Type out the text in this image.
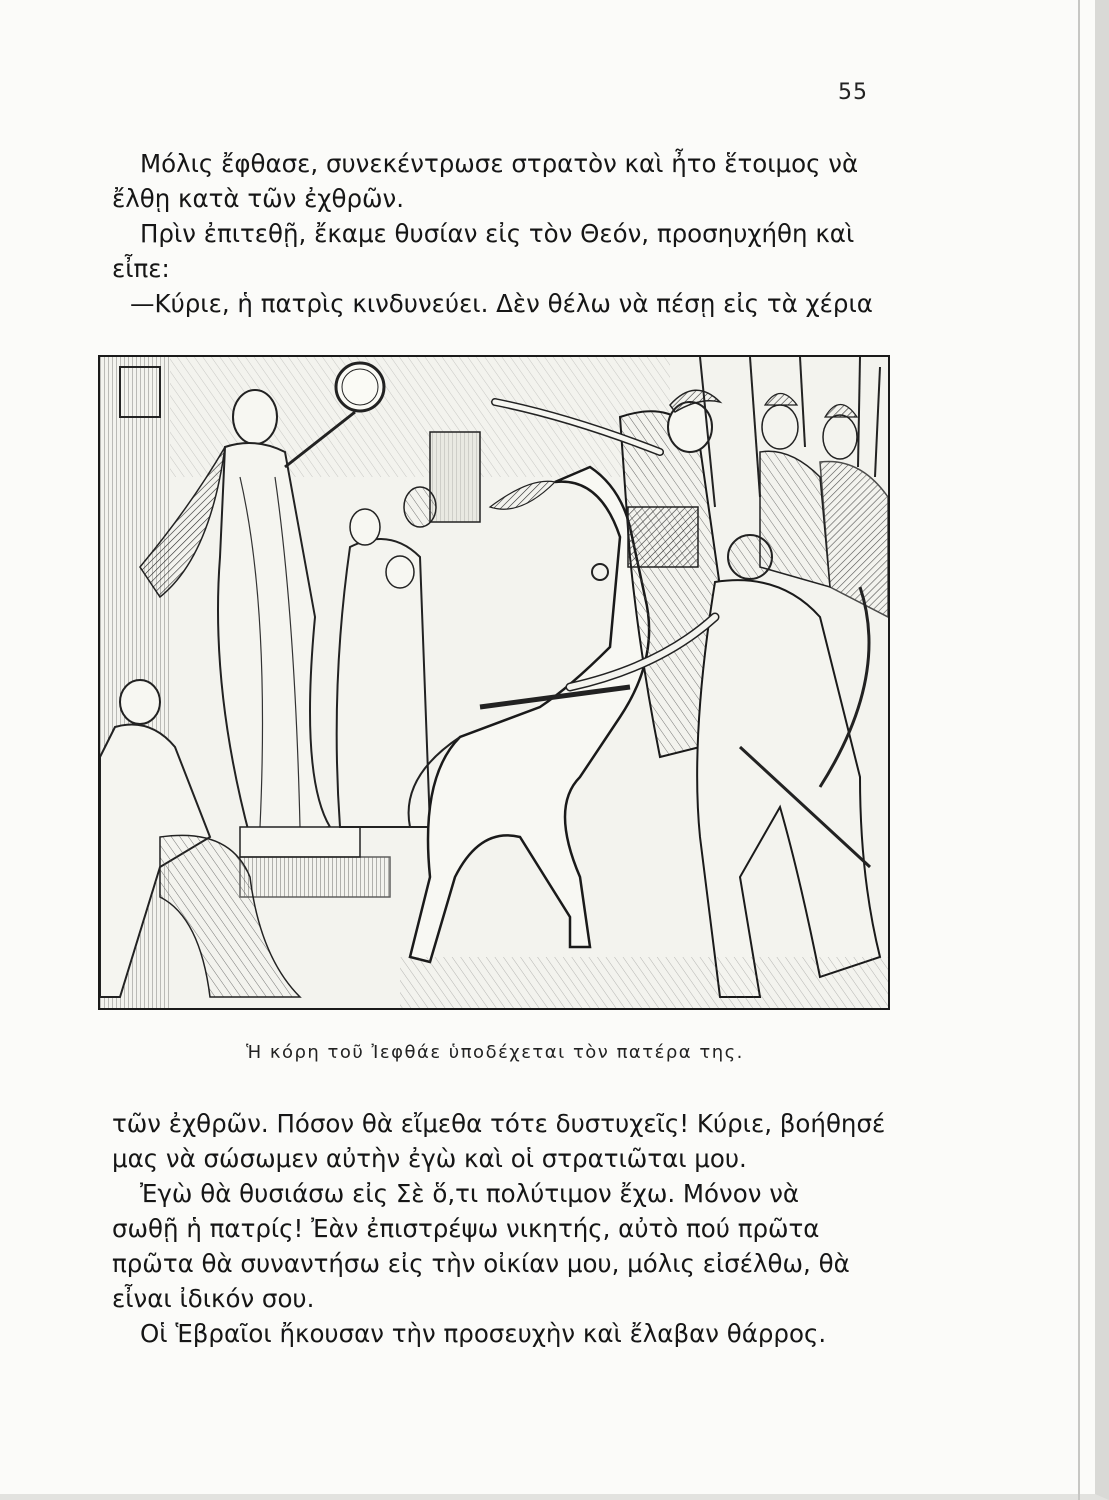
55

Μόλις ἔφθασε, συνεκέντρωσε στρατὸν καὶ ἦτο ἕτοιμος νὰ

ἔλθῃ κατὰ τῶν ἐχθρῶν.

Πρὶν ἐπιτεθῇ, ἔκαμε θυσίαν εἰς τὸν Θεόν, προσηυχήθη καὶ

εἶπε:

—Κύριε, ἡ πατρὶς κινδυνεύει. Δὲν θέλω νὰ πέσῃ εἰς τὰ χέρια

Ἡ κόρη τοῦ Ἰεφθάε ὑποδέχεται τὸν πατέρα της.

τῶν ἐχθρῶν. Πόσον θὰ εἴμεθα τότε δυστυχεῖς! Κύριε, βοήθησέ

μας νὰ σώσωμεν αὐτὴν ἐγὼ καὶ οἱ στρατιῶται μου.

Ἐγὼ θὰ θυσιάσω εἰς Σὲ ὅ,τι πολύτιμον ἔχω. Μόνον νὰ

σωθῇ ἡ πατρίς! Ἐὰν ἐπιστρέψω νικητής, αὐτὸ πού πρῶτα

πρῶτα θὰ συναντήσω εἰς τὴν οἰκίαν μου, μόλις εἰσέλθω, θὰ

εἶναι ἰδικόν σου.

Οἱ Ἑβραῖοι ἤκουσαν τὴν προσευχὴν καὶ ἔλαβαν θάρρος.
